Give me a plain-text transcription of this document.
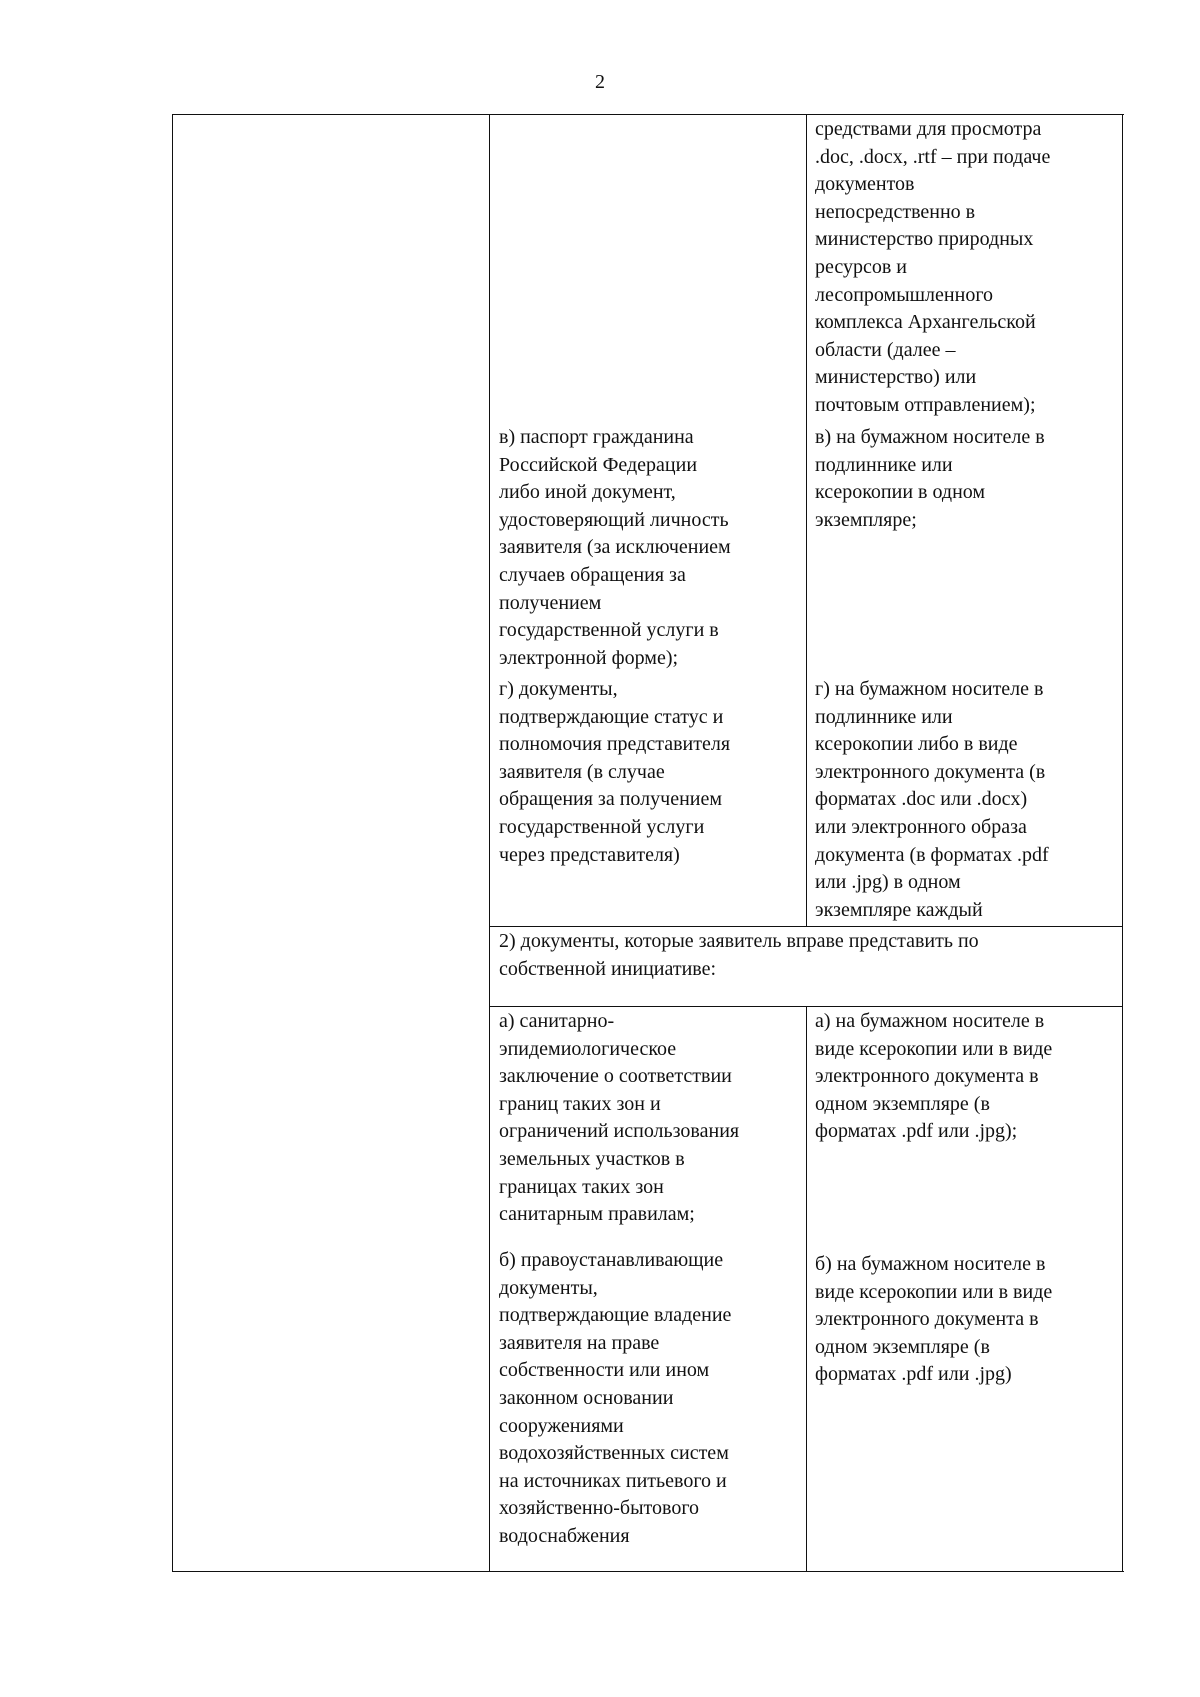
2

в) паспорт гражданина
Российской Федерации
либо иной документ,
удостоверяющий личность
заявителя (за исключением
случаев обращения за
получением
государственной услуги в
электронной форме);

г) документы,
подтверждающие статус и
полномочия представителя
заявителя (в случае
обращения за получением
государственной услуги
через представителя)

средствами для просмотра
.doc, .docx, .rtf – при подаче
документов
непосредственно в
министерство природных
ресурсов и
лесопромышленного
комплекса Архангельской
области (далее –
министерство) или
почтовым отправлением);

в) на бумажном носителе в
подлиннике или
ксерокопии в одном
экземпляре;

г) на бумажном носителе в
подлиннике или
ксерокопии либо в виде
электронного документа (в
форматах .doc или .docx)
или электронного образа
документа (в форматах .pdf
или .jpg) в одном
экземпляре каждый

2) документы, которые заявитель вправе представить по
собственной инициативе:

а) санитарно-
эпидемиологическое
заключение о соответствии
границ таких зон и
ограничений использования
земельных участков в
границах таких зон
санитарным правилам;

б) правоустанавливающие
документы,
подтверждающие владение
заявителя на праве
собственности или ином
законном основании
сооружениями
водохозяйственных систем
на источниках питьевого и
хозяйственно-бытового
водоснабжения

а) на бумажном носителе в
виде ксерокопии или в виде
электронного документа в
одном экземпляре (в
форматах .pdf или .jpg);

б) на бумажном носителе в
виде ксерокопии или в виде
электронного документа в
одном экземпляре (в
форматах .pdf или .jpg)
